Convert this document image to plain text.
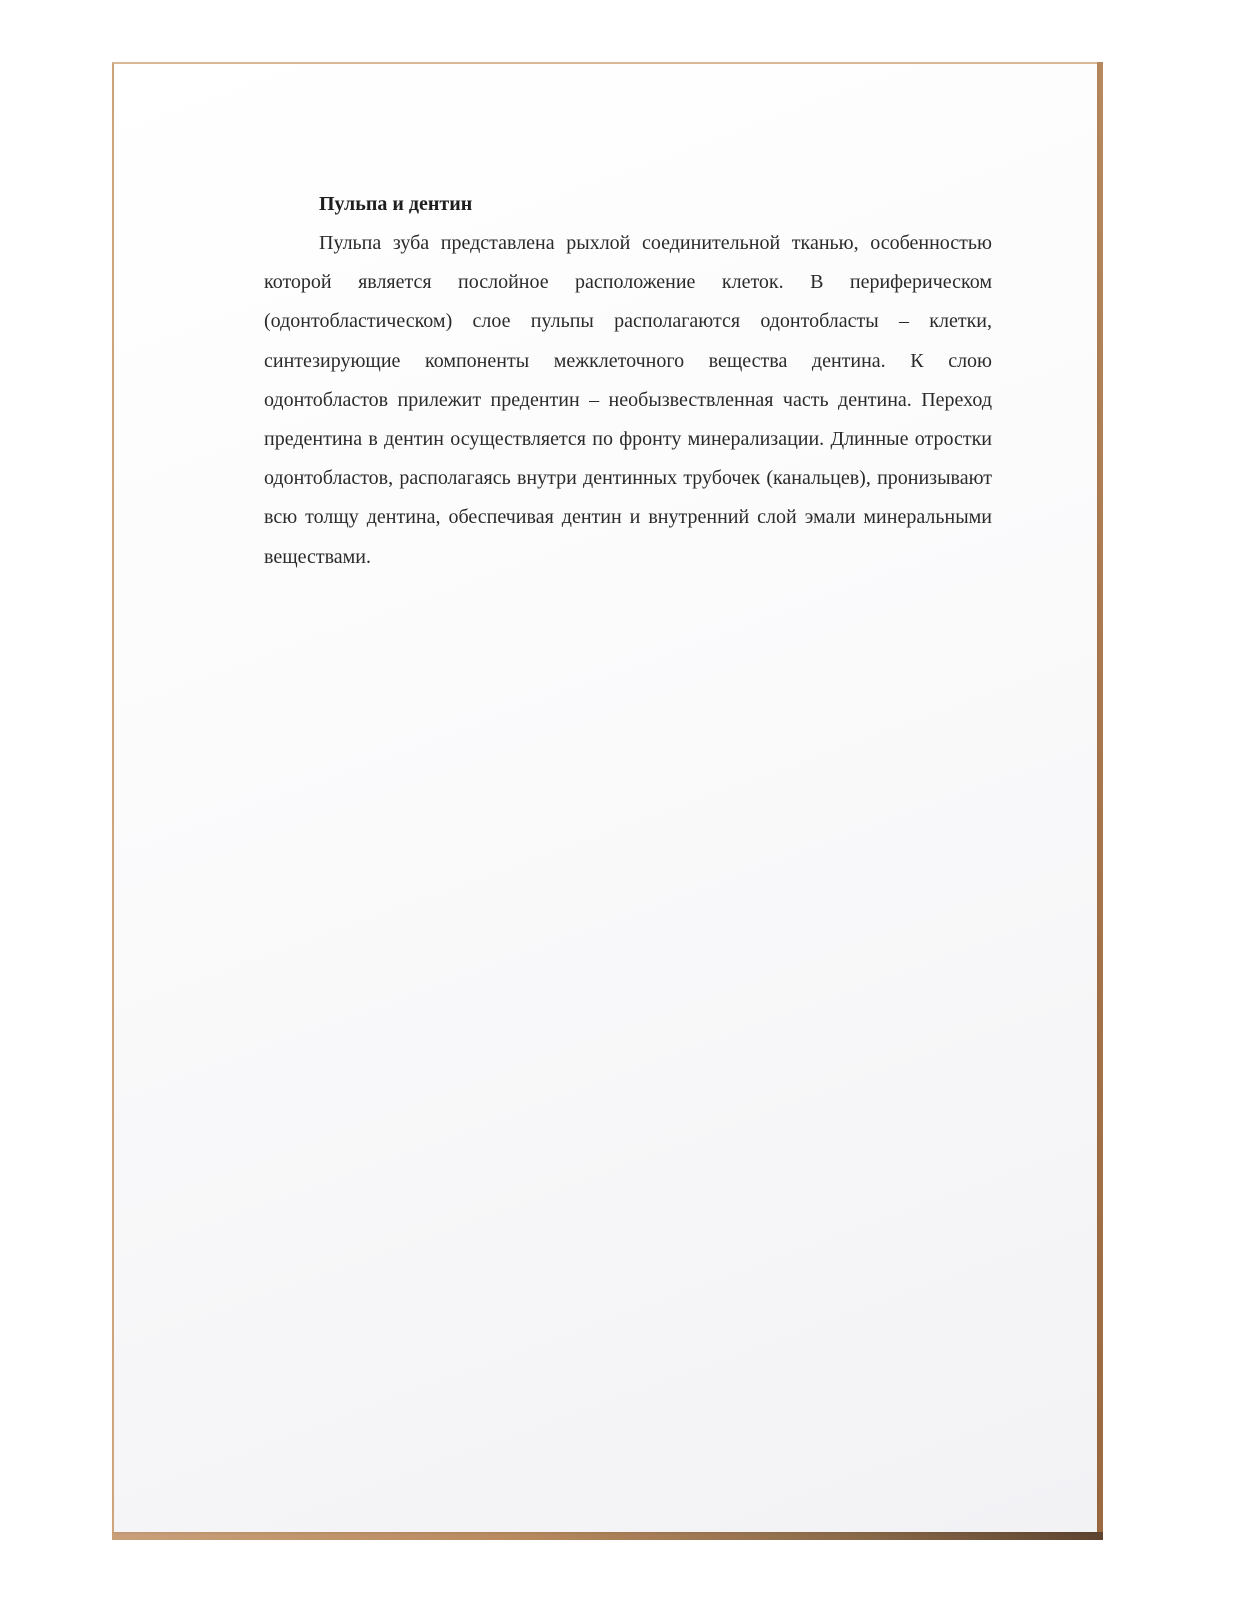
Пульпа и дентин

Пульпа зуба представлена рыхлой соединительной тканью, особенностью которой является послойное расположение клеток. В периферическом (одонтобластическом) слое пульпы располагаются одонтобласты – клетки, синтезирующие компоненты межклеточного вещества дентина. К слою одонтобластов прилежит предентин – необызвествленная часть дентина. Переход предентина в дентин осуществляется по фронту минерализации. Длинные отростки одонтобластов, располагаясь внутри дентинных трубочек (канальцев), пронизывают всю толщу дентина, обеспечивая дентин и внутренний слой эмали минеральными веществами.
